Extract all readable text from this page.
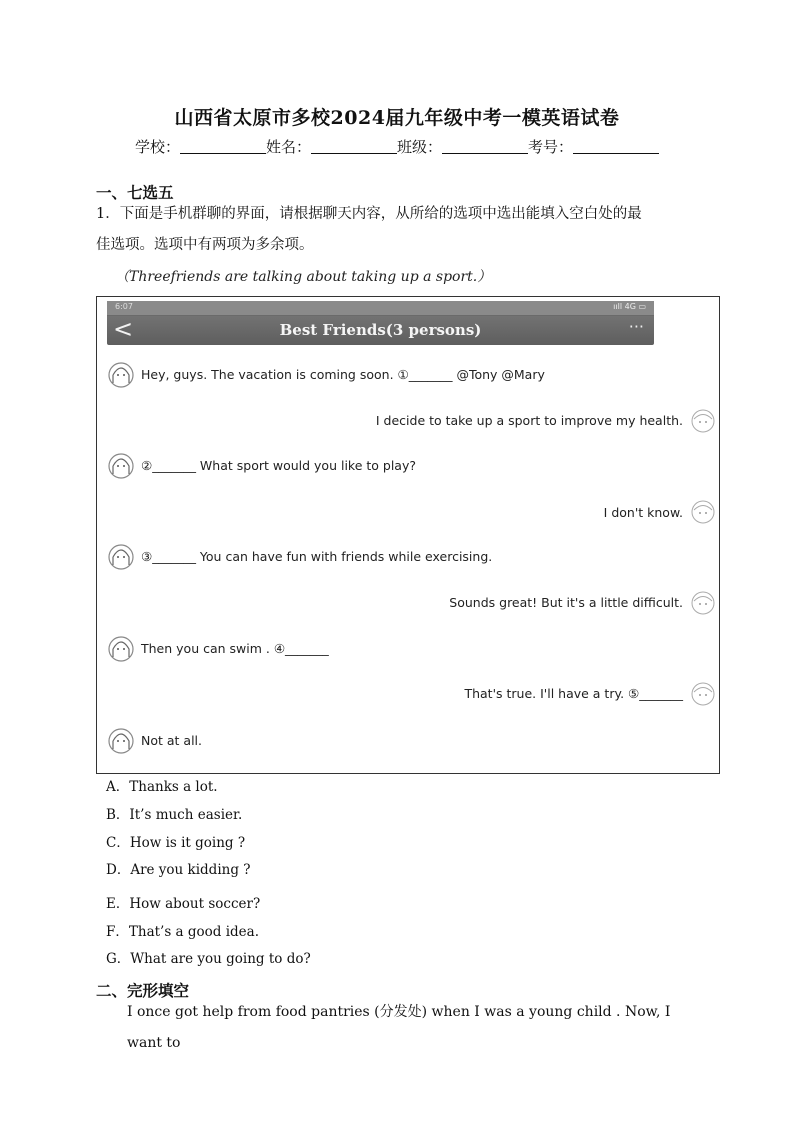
山西省太原市多校2024届九年级中考一模英语试卷
学校：	姓名：	班级：	考号：
一、七选五
1．下面是手机群聊的界面，请根据聊天内容，从所给的选项中选出能填入空白处的最
佳选项。选项中有两项为多余项。
（Threefriends are talking about taking up a sport.）
6:07	ııll 4G ▭
<	Best Friends(3 persons)	···
Hey, guys. The vacation is coming soon. ①_______ @Tony @Mary
I decide to take up a sport to improve my health.
②_______ What sport would you like to play?
I don't know.
③_______ You can have fun with friends while exercising.
Sounds great! But it's a little difficult.
Then you can swim . ④_______
That's true. I'll have a try. ⑤_______
Not at all.
A．Thanks a lot.
B．It’s much easier.
C．How is it going ?
D．Are you kidding ?
E．How about soccer?
F．That’s a good idea.
G．What are you going to do?
二、完形填空
I once got help from food pantries (分发处) when I was a young child . Now, I want to
